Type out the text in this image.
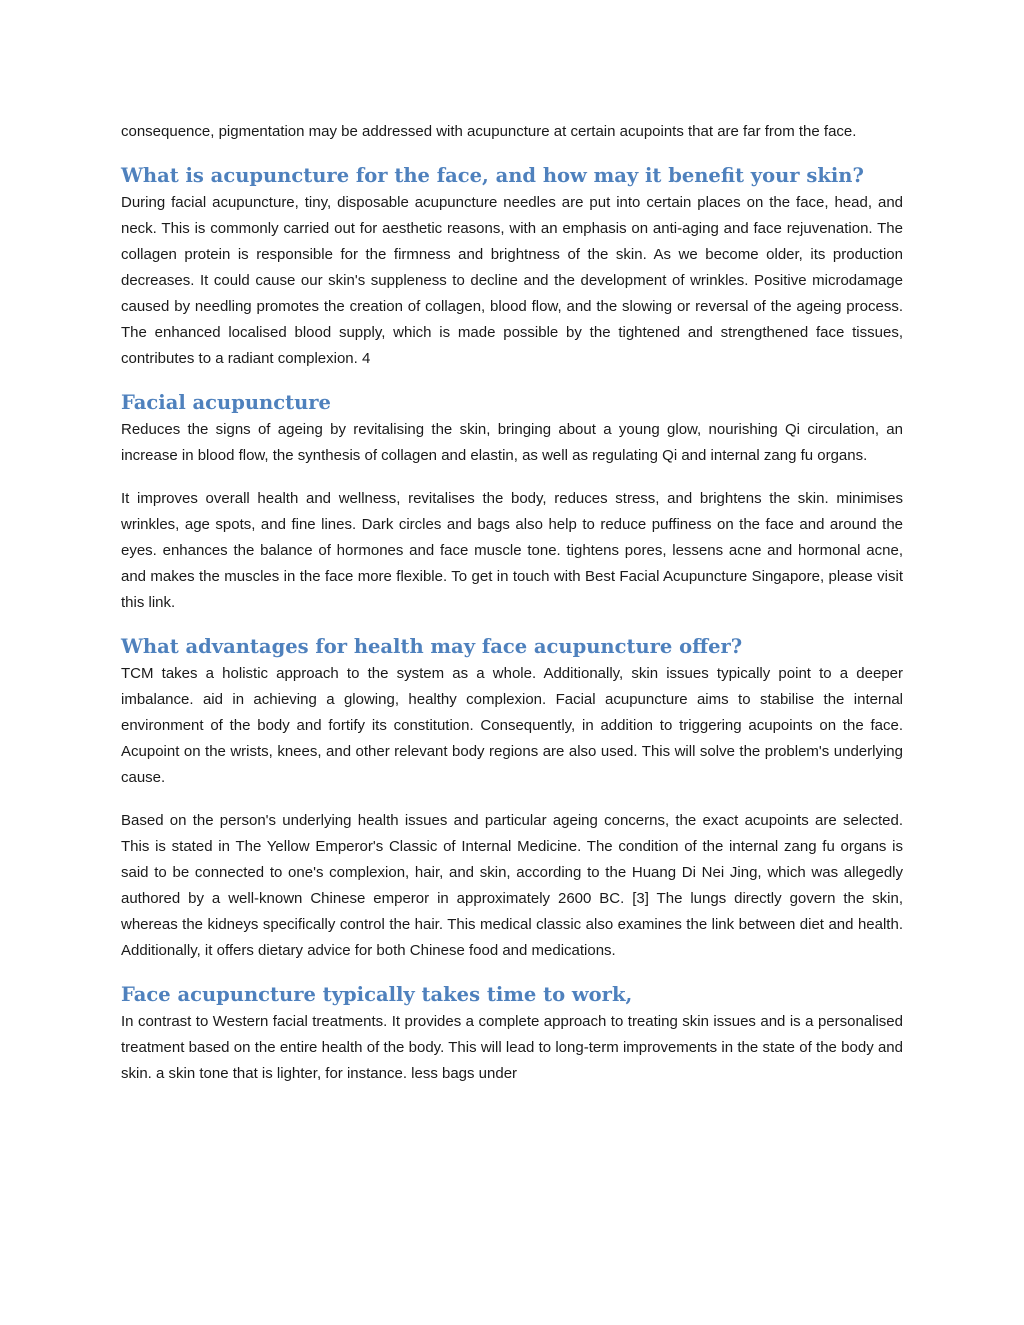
consequence, pigmentation may be addressed with acupuncture at certain acupoints that are far from the face.

What is acupuncture for the face, and how may it benefit your skin?

During facial acupuncture, tiny, disposable acupuncture needles are put into certain places on the face, head, and neck. This is commonly carried out for aesthetic reasons, with an emphasis on anti-aging and face rejuvenation. The collagen protein is responsible for the firmness and brightness of the skin. As we become older, its production decreases. It could cause our skin's suppleness to decline and the development of wrinkles. Positive microdamage caused by needling promotes the creation of collagen, blood flow, and the slowing or reversal of the ageing process. The enhanced localised blood supply, which is made possible by the tightened and strengthened face tissues, contributes to a radiant complexion. 4

Facial acupuncture

Reduces the signs of ageing by revitalising the skin, bringing about a young glow, nourishing Qi circulation, an increase in blood flow, the synthesis of collagen and elastin, as well as regulating Qi and internal zang fu organs.

It improves overall health and wellness, revitalises the body, reduces stress, and brightens the skin. minimises wrinkles, age spots, and fine lines. Dark circles and bags also help to reduce puffiness on the face and around the eyes. enhances the balance of hormones and face muscle tone. tightens pores, lessens acne and hormonal acne, and makes the muscles in the face more flexible. To get in touch with Best Facial Acupuncture Singapore, please visit this link.

What advantages for health may face acupuncture offer?

TCM takes a holistic approach to the system as a whole. Additionally, skin issues typically point to a deeper imbalance. aid in achieving a glowing, healthy complexion. Facial acupuncture aims to stabilise the internal environment of the body and fortify its constitution. Consequently, in addition to triggering acupoints on the face. Acupoint on the wrists, knees, and other relevant body regions are also used. This will solve the problem's underlying cause.

Based on the person's underlying health issues and particular ageing concerns, the exact acupoints are selected. This is stated in The Yellow Emperor's Classic of Internal Medicine. The condition of the internal zang fu organs is said to be connected to one's complexion, hair, and skin, according to the Huang Di Nei Jing, which was allegedly authored by a well-known Chinese emperor in approximately 2600 BC. [3] The lungs directly govern the skin, whereas the kidneys specifically control the hair. This medical classic also examines the link between diet and health. Additionally, it offers dietary advice for both Chinese food and medications.

Face acupuncture typically takes time to work,

In contrast to Western facial treatments. It provides a complete approach to treating skin issues and is a personalised treatment based on the entire health of the body. This will lead to long-term improvements in the state of the body and skin. a skin tone that is lighter, for instance. less bags under
